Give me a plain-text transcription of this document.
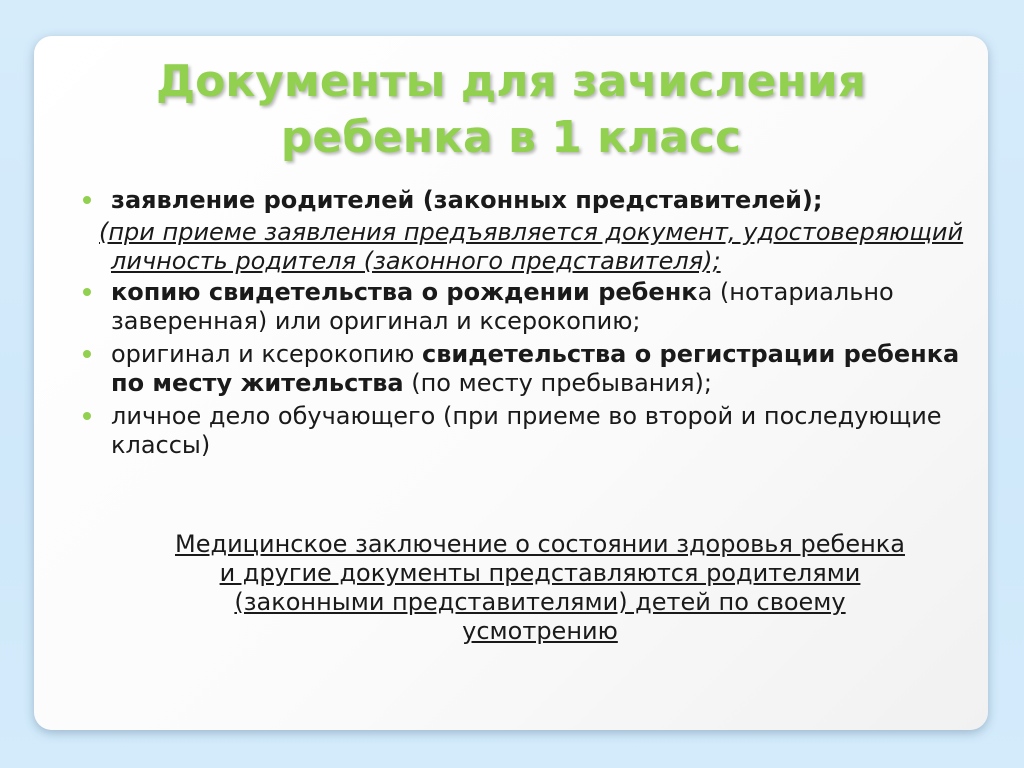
Документы для зачисления
ребенка в 1 класс
заявление родителей (законных представителей);
(при приеме заявления предъявляется документ, удостоверяющий личность родителя (законного представителя);
копию свидетельства о рождении ребенка (нотариально заверенная) или оригинал и ксерокопию;
оригинал и ксерокопию свидетельства о регистрации ребенка по месту жительства (по месту пребывания);
личное дело обучающего (при приеме во второй и последующие классы)
Медицинское заключение о состоянии здоровья ребенка
и другие документы представляются родителями
(законными представителями) детей по своему
усмотрению
